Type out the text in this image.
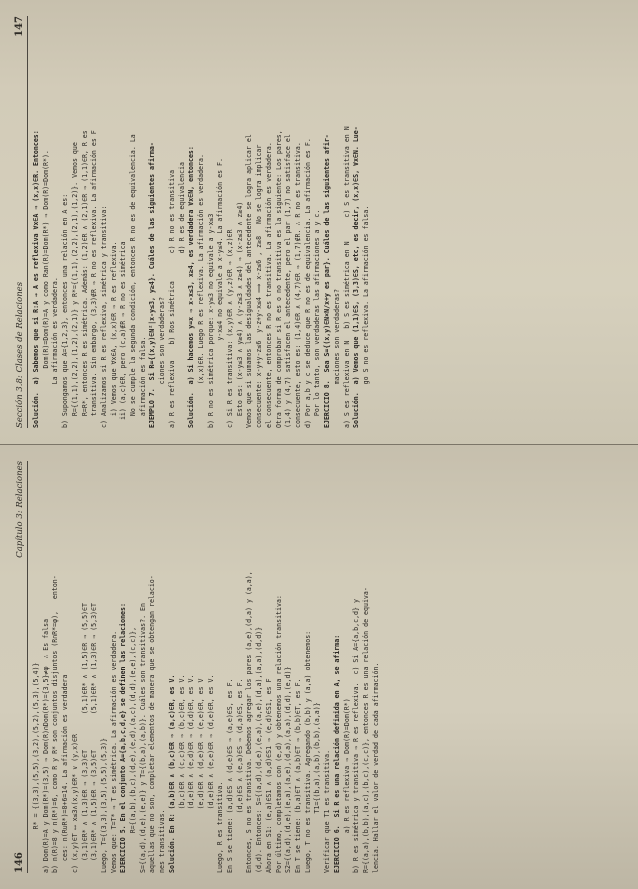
146
Capítulo 3: Relaciones
R* = {(3,3),(5,5),(3,2),(5,2),(5,3),(5,4)} a) Dom(R)=A y Dom(R*)=(3,5) ⇒ Dom(R)∩Dom(R*)={3,5}≠φ  ∴ Es falsa b) n(R)=8 y n(R*)=6, como R y R* son conjuntos disjuntos (R∩R*=φ),   enton- ces: n(R∪R*)=8+6=14. La afirmación es verdadera c) (x,y)∈T ⟷ x≤3∧(x,y)∈R* ∨ (y,x)∈R (3,1)∈R* ∧ (1,3)∈R ⇒ (3,3)∈T         (5,1)∈R* ∧ (1,5)∈R ⇒ (5,5)∈T (3,1)∈R* ∧ (1,5)∈R ⇒ (3,5)∈T         (5,1)∈R* ∧ (1,3)∈R ⇒ (5,3)∈T Luego, T={(3,3),(3,5),(5,5),(5,3)} Vemos que: T=T* ⇒ T es simétrica. La afirmación es verdadera. EJERCICIO 5. En el conjunto A={a,b,c,d,e} se definen las relaciones: R={(a,b),(b,c),(d,e),(e,d),(a,c),(d,d),(e,e),(c,c)}, S={(a,d),(d,e),(e,e)} y T={(b,a),(a,b)}. Cuáles son transitivas?. En aquellas que no son, completar elementos de manera que se obtengan relacio- nes transitivas. Solución. En R: (a,b)∈R ∧ (b,c)∈R ⇒ (a,c)∈R, es V. (b,c)∈R ∧ (c,c)∈R ⇒ (b,c)∈R, es V. (d,e)∈R ∧ (e,d)∈R ⇒ (d,d)∈R, es V. (e,d)∈R ∧ (d,e)∈R ⇒ (e,e)∈R, es V (d,e)∈R ∧ (e,e)∈R ⇒ (d,e)∈R, es V. Luego, R es transitiva. En S se tiene: (a,d)∈S ∧ (d,e)∈S ⇒ (a,e)∈S, es F. (d,e)∈S ∧ (e,a)∈S ⇒ (d,a)∈S, es F. Entonces, S no es transitiva. Debemos agregar los pares (a,e),(d,a) y (a,a), (d,d). Entonces: S={(a,d),(d,e),(e,a),(a,e),(d,a),(a,a),(d,d)} Ahora en S1: (e,a)∈S1 ∧ (a,d)∈S1 ⇒ (e,d)∈S1, es F Por último, completamos con (e,d) y obtenemos una relación transitiva: S2={(a,d),(d,e),(e,a),(a,e),(d,a),(a,a),(d,d),(e,d)} En T se tiene: (b,a)∈T ∧ (a,b)∈T ⇒ (b,b)∈T, es F. Luego, T no es transitiva. Agregando (b,b) y (a,a) obtenemos: T1={(b,a),(a,b),(b,b),(a,a)} Verificar que T1 es transitiva. EJERCICIO 6.  Si R es una relación definida en A, se afirma: a) R es reflexiva ⇒ Dom(R)=Dom(R*) b) R es simétrica y transitiva ⇒ R es reflexiva.  c) Si A={a,b,c,d} y R={(a,a),(b,b),(a,c),(b,c),(c,c)}, entonces R es una relación de equiva- lencia. Hallar el valor de verdad de cada afirmación.
Sección 3.8: Clases de Relaciones
147
Solución.  a) Sabemos que si R:A → A es reflexiva ∀x∈A ⇒ (x,x)∈R. Entonces: Dom(R)=Dom(R)=A y como Ran(R)=Dom(R*) ⇒ Dom(R)=Dom(R*). La afirmación es verdadera. b) Supongamos que A={1,2,3}, entonces una relación en A es: R={(1,1),(2,2),(1,2),(2,1)} y R*={(1,1),(2,2),(2,1),(1,2)}. Vemos que R=R*, entonces R es simétrica. Además: (1,2)∈R ∧ (2,1)∈R ⇒ (1,1)∈R, R es transitiva. Sin embargo, (3,3)∉R ⇒ R no es reflexiva. La afirmación es F c) Analizamos si R es reflexiva, simétrica y transitiva: i) Vemos que ∀x∈A, (x,x)∈R ⇒ R es reflexiva. ii) (a,c)∈R, pero (c,a)∉R ⇒ R no es simétrica No se cumple la segunda condición, entonces R no es de equivalencia. La afirmación es falsa. EJEMPLO 7.  Si R={(x,y)∈N²|x-y≤3, y≥4}. Cuáles de las siguientes afirma- ciones son verdaderas? a) R es reflexiva    b) Ros simétrica       c) R no es transitiva d) R es de equivalencia Solución.  a) Si hacemos y=x ⇒ x-x≤3, x≥4, es verdadera ∀x∈N, entonces: (x,x)∈R. Luego R es reflexiva. La afirmación es verdadera. b) R no es simétrica porque: x-y≤3 no equivale a y-x≤3 y-x≤4 no equivale a x-y≤4. La afirmación es F. c) Si R es transitiva: (x,y)∈R ∧ (y,z)∈R ⇒ (x,z)∈R Esto es: (x-y≤3 ∧ y≥4) ∧ (y-z≤3 ∧ z≥4) ⇒ (x-z≤3 ∧ z≥4) Vemos que si sumamos las desigualdades del antecedente se logra aplicar el consecuente: x-y+y-z≤6  y-z+y-x≤4 ⟹ x-z≤6 , z≥8   No se logra implicar el consecuente, entonces R no es transitiva. La afirmación es verdadera. Otra forma de comprobar si R es o no transitiva es la siguiente: Los pares, (1,4) y (4,7) satisfacen el antecedente, pero el par (1,7) no satisface el consecuente, esto es: (1,4)∈R ∧ (4,7)∈R ⇒ (1,7)∉R. ∴ R no es transitiva. d) Por a,b y c se deduce que R no es de equivalencia. La afirmación es F. Por lo tanto, son verdaderas las afirmaciones a y c. EJERCICIO 8.  Sea S={(x,y)∈N×N/x+y es par}. Cuáles de las siguientes afir- maciones son verdaderas? a) S es reflexiva en N   b) S es simétrica en N      c) S es transitiva en N Solución.  a) Vemos que (1,1)∈S, (3,3)∈S, etc, es decir, (x,x)∈S, ∀x∈N. Lue- go S no es reflexiva. La afirmación es falsa.
